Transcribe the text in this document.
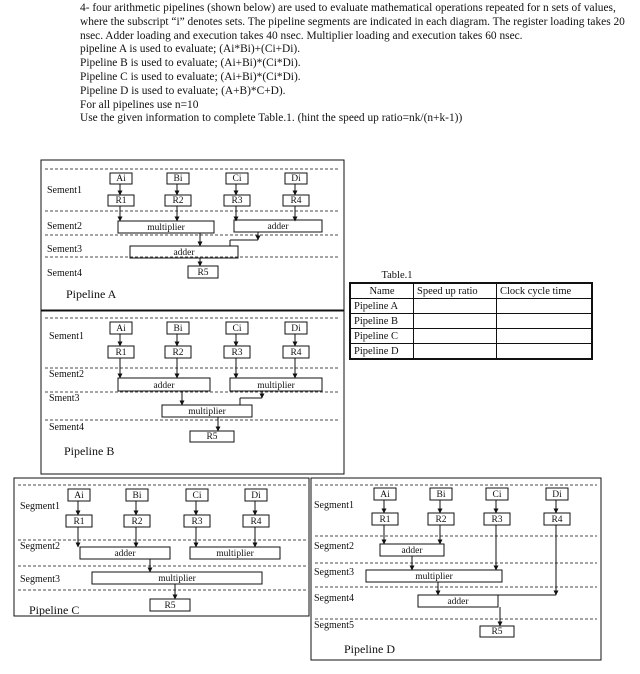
4- four arithmetic pipelines (shown below) are used to evaluate mathematical operations repeated for n sets of values, where the subscript “i” denotes sets. The pipeline segments are indicated in each diagram. The register loading takes 20 nsec. Adder loading and execution takes 40 nsec. Multiplier loading and execution takes 60 nsec.
pipeline A is used to evaluate; (Ai*Bi)+(Ci+Di).
Pipeline B is used to evaluate; (Ai+Bi)*(Ci*Di).
Pipeline C is used to evaluate; (Ai+Bi)*(Ci*Di).
Pipeline D is used to evaluate; (A+B)*C+D).
For all pipelines use n=10
Use the given information to complete Table.1. (hint the speed up ratio=nk/(n+k-1))
Ai
R1
Bi
R2
Ci
R3
Di
R4
Sement1
Sement2
Sement3
Sement4
multiplier	adder
adder
R5
Pipeline A
Ai
R1
Bi
R2
Ci
R3
Di
R4
Sement1
Sement2
Sment3
Sement4
adder	multiplier
multiplier
R5
Pipeline B
Ai
R1
Bi
R2
Ci
R3
Di
R4
Segment1
Segment2
Segment3
adder	multiplier
multiplier
R5
Pipeline C
Ai
R1
Bi
R2
Ci
R3
Di
R4
Segment1
Segment2
Segment3
Segment4
Segment5
adder
multiplier
adder
R5
Pipeline D
Table.1
Name	Speed up ratio	Clock cycle time
Pipeline A		
Pipeline B		
Pipeline C		
Pipeline D		
